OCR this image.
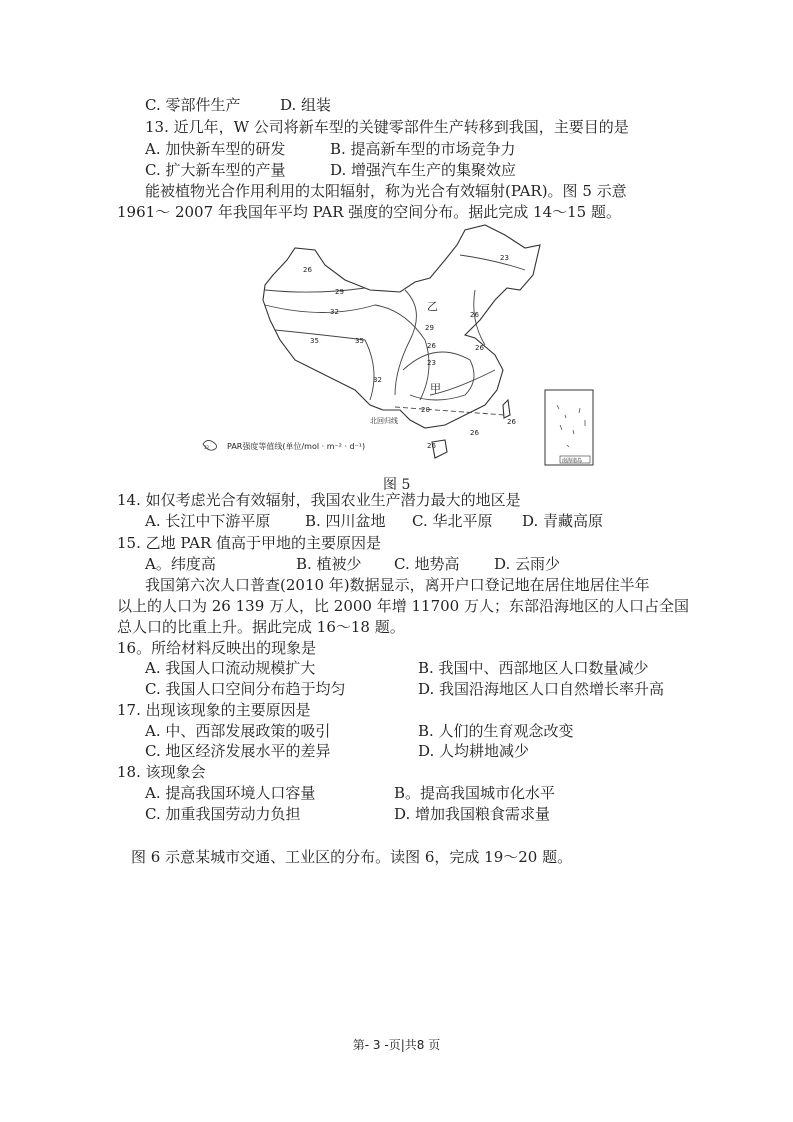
C. 零部件生产	D. 组装
13. 近几年，W 公司将新车型的关键零部件生产转移到我国，主要目的是
A. 加快新车型的研发	B. 提高新车型的市场竞争力
C. 扩大新车型的产量	D. 增强汽车生产的集聚效应
能被植物光合作用利用的太阳辐射，称为光合有效辐射(PAR)。图 5 示意
1961～ 2007 年我国年平均 PAR 强度的空间分布。据此完成 14～15 题。
26
29
32
35	35
32
29
26
23
20
23
26
26
26
26
26
乙
甲
北回归线
南海诸岛
32 PAR强度等值线(单位/mol · m⁻² · d⁻¹)
图 5
14. 如仅考虑光合有效辐射，我国农业生产潜力最大的地区是
A. 长江中下游平原 B. 四川盆地 C. 华北平原 D. 青藏高原
15. 乙地 PAR 值高于甲地的主要原因是
A。纬度高	B. 植被少 C. 地势高 D. 云雨少
我国第六次人口普查(2010 年)数据显示，离开户口登记地在居住地居住半年
以上的人口为 26 139 万人，比 2000 年增 11700 万人；东部沿海地区的人口占全国
总人口的比重上升。据此完成 16～18 题。
16。所给材料反映出的现象是
A. 我国人口流动规模扩大	B. 我国中、西部地区人口数量减少
C. 我国人口空间分布趋于均匀	D. 我国沿海地区人口自然增长率升高
17. 出现该现象的主要原因是
A. 中、西部发展政策的吸引	B. 人们的生育观念改变
C. 地区经济发展水平的差异	D. 人均耕地减少
18. 该现象会
A. 提高我国环境人口容量	B。提高我国城市化水平
C. 加重我国劳动力负担	D. 增加我国粮食需求量
图 6 示意某城市交通、工业区的分布。读图 6，完成 19～20 题。
第- 3 -页|共8 页
